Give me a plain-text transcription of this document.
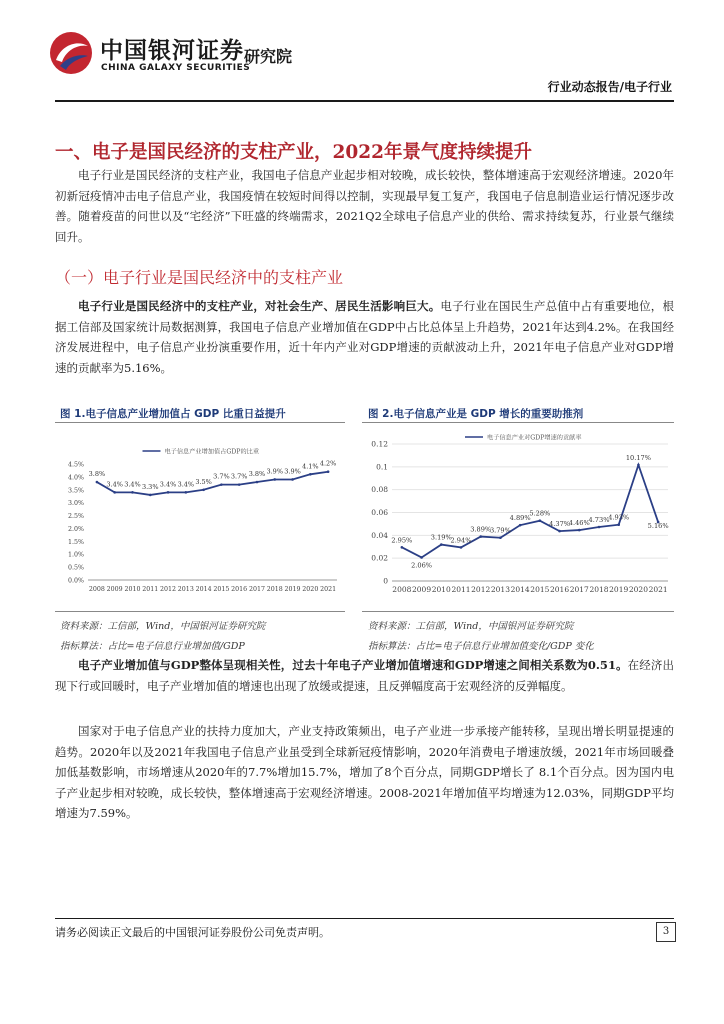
中国银河证券
CHINA GALAXY SECURITIES
研究院
行业动态报告/电子行业
一、电子是国民经济的支柱产业，2022年景气度持续提升
电子行业是国民经济的支柱产业，我国电子信息产业起步相对较晚，成长较快，整体增速高于宏观经济增速。2020年初新冠疫情冲击电子信息产业，我国疫情在较短时间得以控制，实现最早复工复产，我国电子信息制造业运行情况逐步改善。随着疫苗的问世以及“宅经济”下旺盛的终端需求，2021Q2全球电子信息产业的供给、需求持续复苏，行业景气继续回升。
（一）电子行业是国民经济中的支柱产业
电子行业是国民经济中的支柱产业，对社会生产、居民生活影响巨大。电子行业在国民生产总值中占有重要地位，根据工信部及国家统计局数据测算，我国电子信息产业增加值在GDP中占比总体呈上升趋势，2021年达到4.2%。在我国经济发展进程中，电子信息产业扮演重要作用，近十年内产业对GDP增速的贡献波动上升，2021年电子信息产业对GDP增速的贡献率为5.16%。
图 1.电子信息产业增加值占 GDP 比重日益提升
0.0%
0.5%
1.0%
1.5%
2.0%
2.5%
3.0%
3.5%
4.0%
4.5%
2008 2009 2010 2011 2012 2013 2014 2015 2016 2017 2018 2019 2020 2021
电子信息产业增加值占GDP的比重
3.8%
3.4% 3.4% 3.3% 3.4% 3.4% 3.5%
3.7% 3.7% 3.8% 3.9% 3.9%
4.1% 4.2%
资料来源：工信部，Wind，中国银河证券研究院
指标算法：占比=电子信息行业增加值/GDP
图 2.电子信息产业是 GDP 增长的重要助推剂
0
0.02
0.04
0.06
0.08
0.1
0.12
2008 2009 2010 2011 2012 2013 2014 2015 2016 2017 2018 2019 2020 2021
电子信息产业对GDP增速的贡献率
2.95%
2.06%
3.19%
2.94%
3.89%
3.79%
4.89%
5.28%
4.37%
4.46%
4.73%
4.93%
10.17%
5.16%
资料来源：工信部，Wind，中国银河证券研究院
指标算法：占比=电子信息行业增加值变化/GDP 变化
电子产业增加值与GDP整体呈现相关性，过去十年电子产业增加值增速和GDP增速之间相关系数为0.51。在经济出现下行或回暖时，电子产业增加值的增速也出现了放缓或提速，且反弹幅度高于宏观经济的反弹幅度。
国家对于电子信息产业的扶持力度加大，产业支持政策频出，电子产业进一步承接产能转移，呈现出增长明显提速的趋势。2020年以及2021年我国电子信息产业虽受到全球新冠疫情影响，2020年消费电子增速放缓，2021年市场回暖叠加低基数影响，市场增速从2020年的7.7%增加15.7%，增加了8个百分点，同期GDP增长了 8.1个百分点。因为国内电子产业起步相对较晚，成长较快，整体增速高于宏观经济增速。2008-2021年增加值平均增速为12.03%，同期GDP平均增速为7.59%。
请务必阅读正文最后的中国银河证券股份公司免责声明。	3
